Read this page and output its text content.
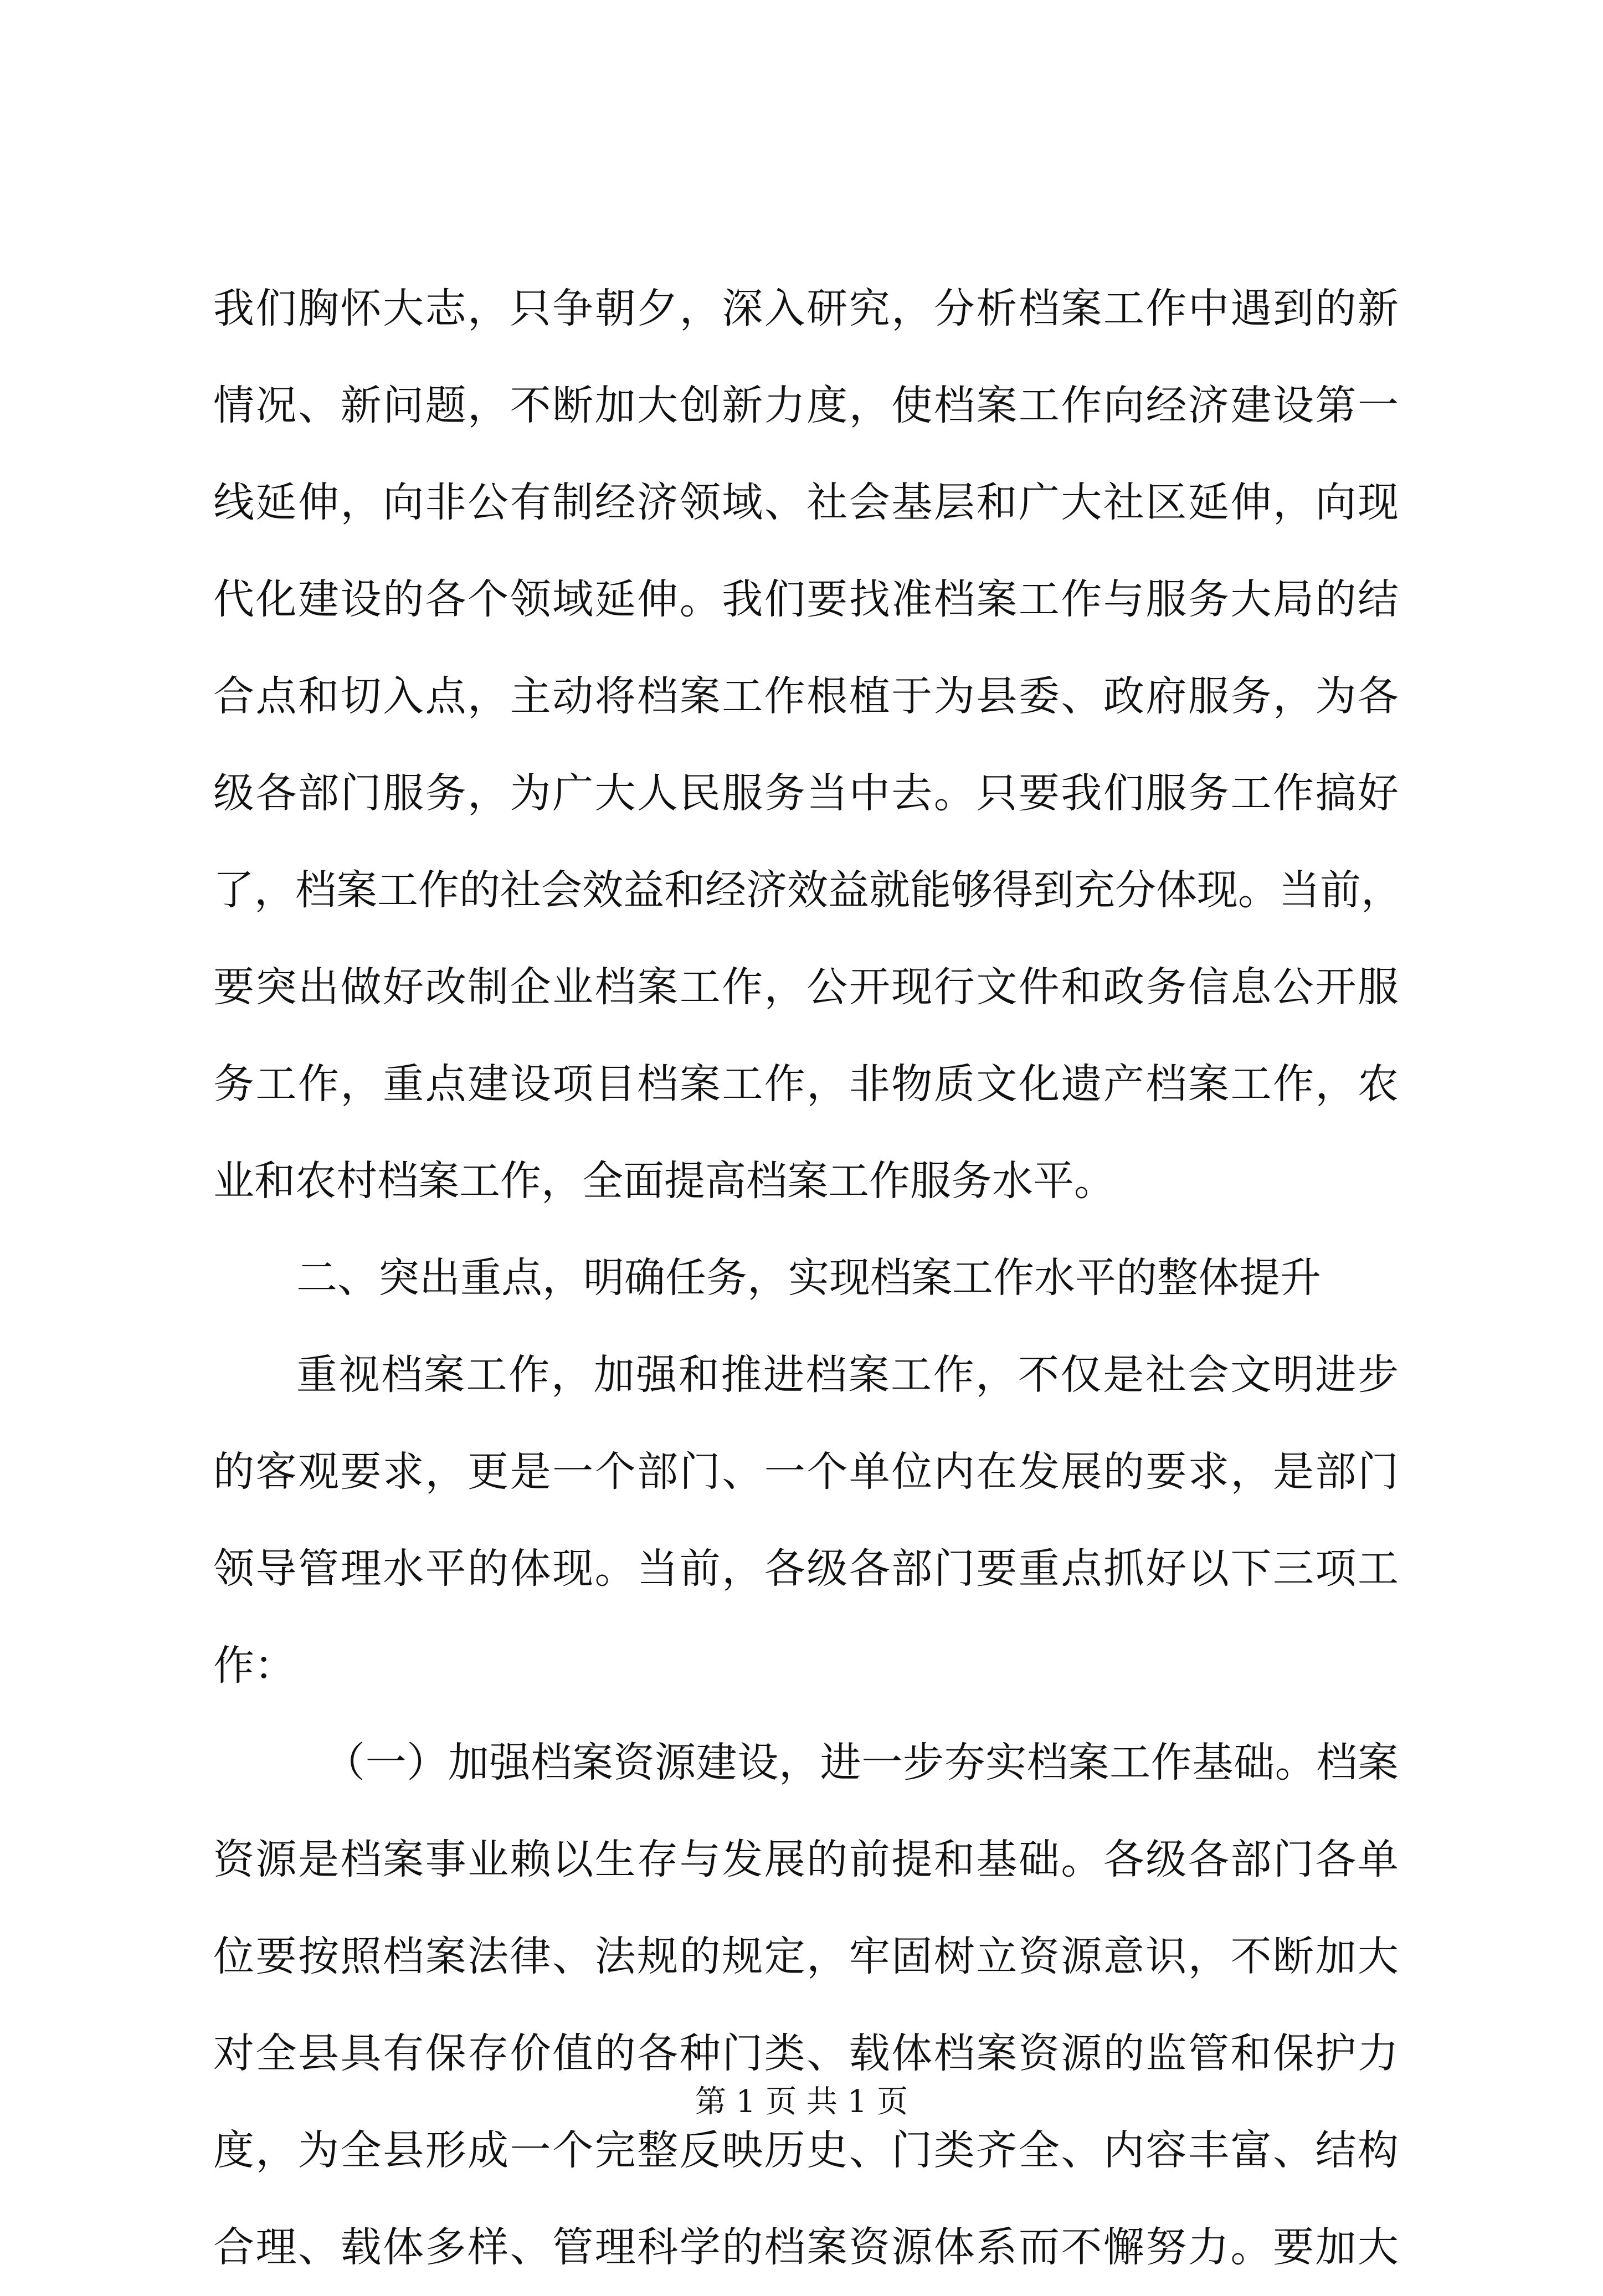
我们胸怀大志，只争朝夕，深入研究，分析档案工作中遇到的新
情况、新问题，不断加大创新力度，使档案工作向经济建设第一
线延伸，向非公有制经济领域、社会基层和广大社区延伸，向现
代化建设的各个领域延伸。我们要找准档案工作与服务大局的结
合点和切入点，主动将档案工作根植于为县委、政府服务，为各
级各部门服务，为广大人民服务当中去。只要我们服务工作搞好
了，档案工作的社会效益和经济效益就能够得到充分体现。当前，
要突出做好改制企业档案工作，公开现行文件和政务信息公开服
务工作，重点建设项目档案工作，非物质文化遗产档案工作，农
业和农村档案工作，全面提高档案工作服务水平。
二、突出重点，明确任务，实现档案工作水平的整体提升
重视档案工作，加强和推进档案工作，不仅是社会文明进步
的客观要求，更是一个部门、一个单位内在发展的要求，是部门
领导管理水平的体现。当前，各级各部门要重点抓好以下三项工
作：
（一）加强档案资源建设，进一步夯实档案工作基础。档案
资源是档案事业赖以生存与发展的前提和基础。各级各部门各单
位要按照档案法律、法规的规定，牢固树立资源意识，不断加大
对全县具有保存价值的各种门类、载体档案资源的监管和保护力
度，为全县形成一个完整反映历史、门类齐全、内容丰富、结构
合理、载体多样、管理科学的档案资源体系而不懈努力。要加大
第 1 页 共 1 页
